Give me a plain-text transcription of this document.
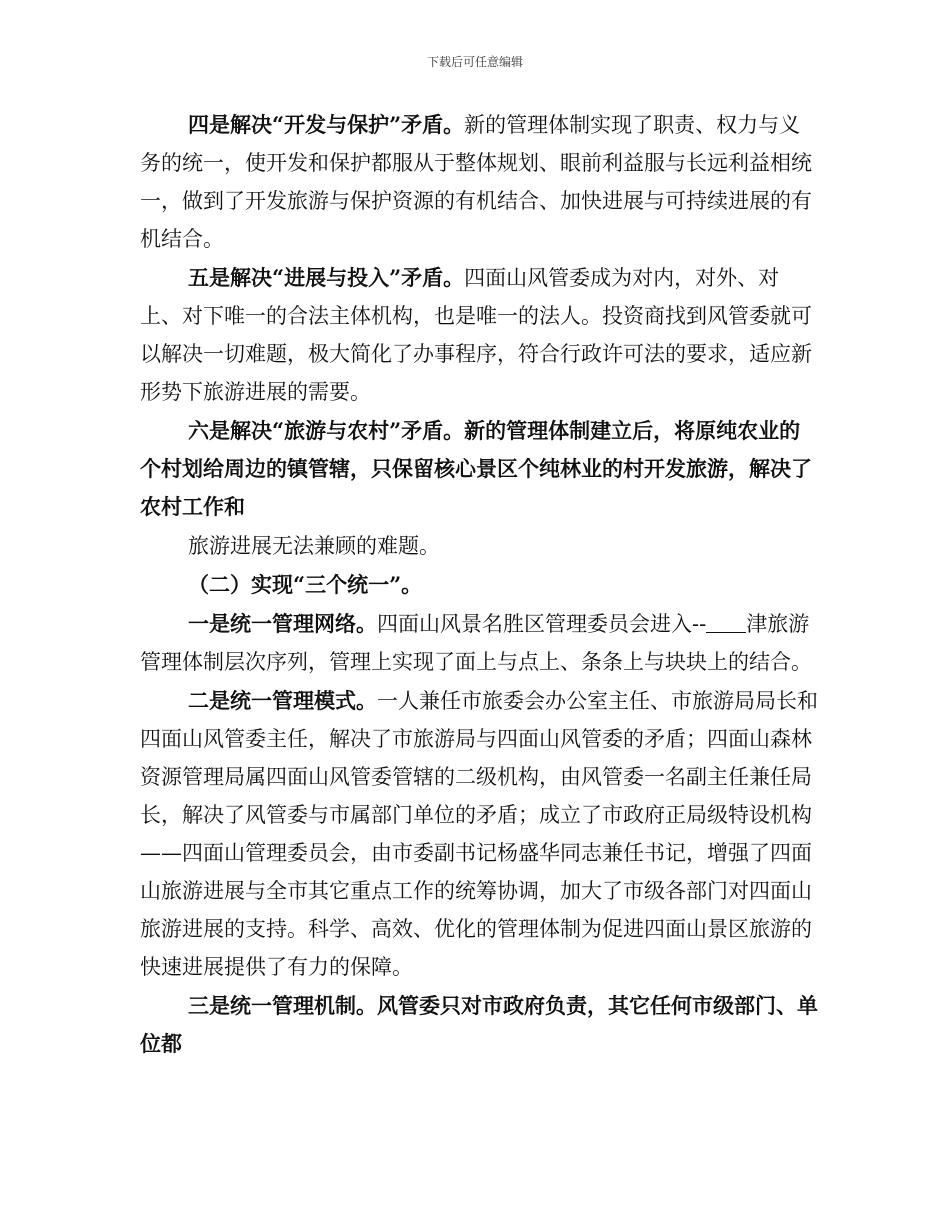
下载后可任意编辑

四是解决“开发与保护”矛盾。新的管理体制实现了职责、权力与义务的统一，使开发和保护都服从于整体规划、眼前利益服与长远利益相统一，做到了开发旅游与保护资源的有机结合、加快进展与可持续进展的有机结合。

五是解决“进展与投入”矛盾。四面山风管委成为对内，对外、对上、对下唯一的合法主体机构，也是唯一的法人。投资商找到风管委就可以解决一切难题，极大简化了办事程序，符合行政许可法的要求，适应新形势下旅游进展的需要。

六是解决“旅游与农村”矛盾。新的管理体制建立后，将原纯农业的个村划给周边的镇管辖，只保留核心景区个纯林业的村开发旅游，解决了农村工作和

旅游进展无法兼顾的难题。

（二）实现“三个统一”。

一是统一管理网络。四面山风景名胜区管理委员会进入-- 津旅游管理体制层次序列，管理上实现了面上与点上、条条上与块块上的结合。

二是统一管理模式。一人兼任市旅委会办公室主任、市旅游局局长和四面山风管委主任，解决了市旅游局与四面山风管委的矛盾；四面山森林资源管理局属四面山风管委管辖的二级机构，由风管委一名副主任兼任局长，解决了风管委与市属部门单位的矛盾；成立了市政府正局级特设机构——四面山管理委员会，由市委副书记杨盛华同志兼任书记，增强了四面山旅游进展与全市其它重点工作的统筹协调，加大了市级各部门对四面山旅游进展的支持。科学、高效、优化的管理体制为促进四面山景区旅游的快速进展提供了有力的保障。

三是统一管理机制。风管委只对市政府负责，其它任何市级部门、单位都
